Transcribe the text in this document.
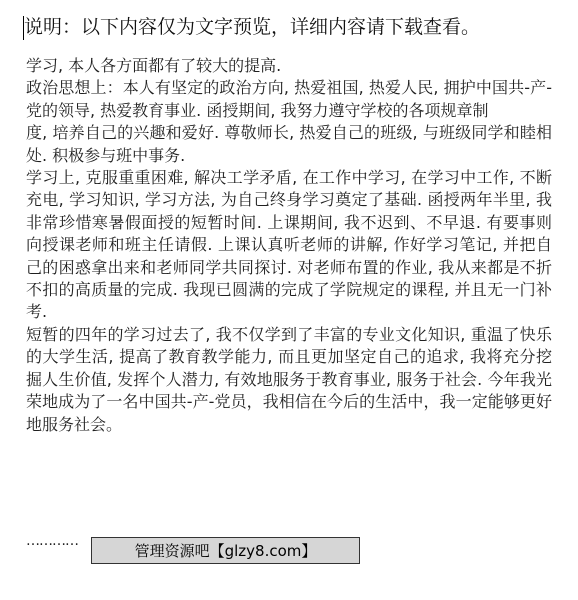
说明：以下内容仅为文字预览，详细内容请下载查看。

学习, 本人各方面都有了较大的提高.

政治思想上：本人有坚定的政治方向, 热爱祖国, 热爱人民, 拥护中国共-产-党的领导, 热爱教育事业. 函授期间, 我努力遵守学校的各项规章制

度, 培养自己的兴趣和爱好. 尊敬师长, 热爱自己的班级, 与班级同学和睦相处. 积极参与班中事务.

学习上, 克服重重困难, 解决工学矛盾, 在工作中学习, 在学习中工作, 不断充电, 学习知识, 学习方法, 为自己终身学习奠定了基础. 函授两年半里, 我非常珍惜寒暑假面授的短暂时间. 上课期间, 我不迟到、不早退. 有要事则向授课老师和班主任请假. 上课认真听老师的讲解, 作好学习笔记, 并把自己的困惑拿出来和老师同学共同探讨. 对老师布置的作业, 我从来都是不折不扣的高质量的完成. 我现已圆满的完成了学院规定的课程, 并且无一门补考.

短暂的四年的学习过去了, 我不仅学到了丰富的专业文化知识, 重温了快乐的大学生活, 提高了教育教学能力, 而且更加坚定自己的追求, 我将充分挖掘人生价值, 发挥个人潜力, 有效地服务于教育事业, 服务于社会. 今年我光荣地成为了一名中国共-产-党员，我相信在今后的生活中，我一定能够更好地服务社会。

…………
管理资源吧【glzy8.com】
